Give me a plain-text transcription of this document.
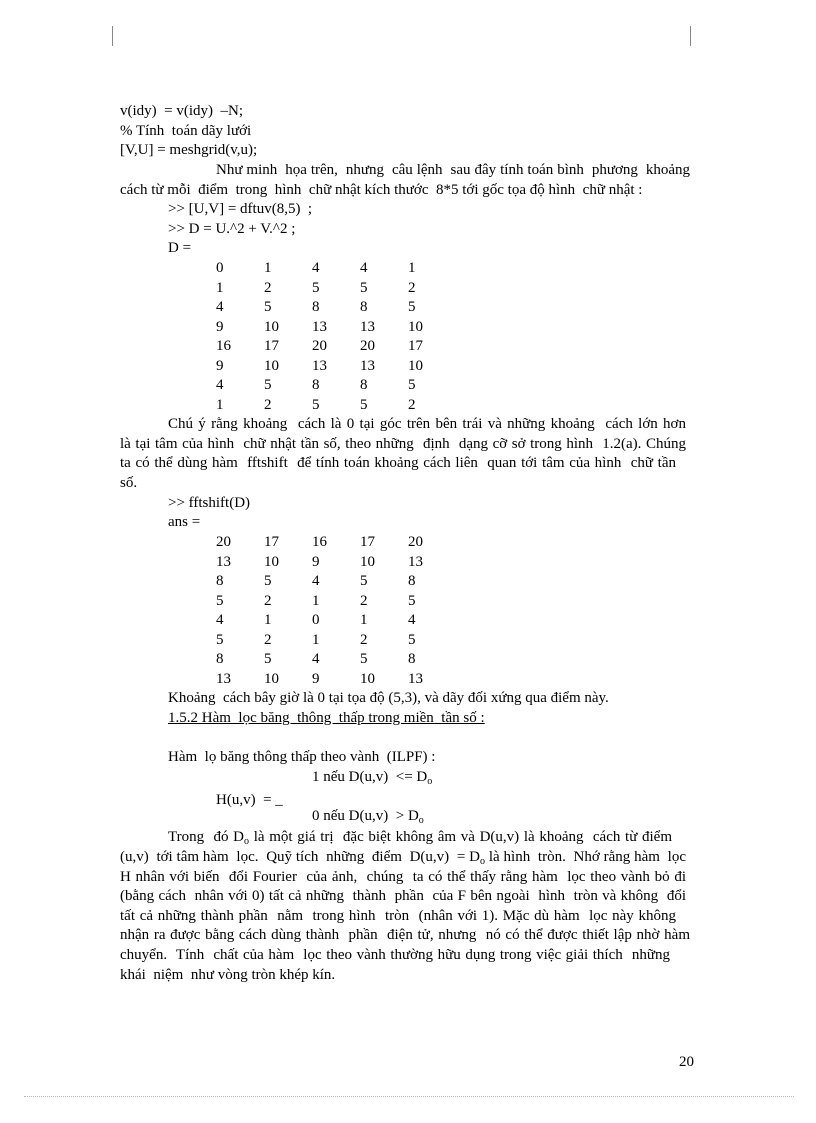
v(idy)  = v(idy)  –N;
% Tính  toán dãy lưới
[V,U] = meshgrid(v,u);
Như minh  họa trên,  nhưng  câu lệnh  sau đây tính toán bình  phương  khoảng
cách từ mỗi  điểm  trong  hình  chữ nhật kích thước  8*5 tới gốc tọa độ hình  chữ nhật :
>> [U,V] = dftuv(8,5)  ;
>> D = U.^2 + V.^2 ;
D =
0	1	4	4	1
1	2	5	5	2
4	5	8	8	5
9	10 13 13 10
16 17 20 20 17
9	10 13 13 10
4	5	8	8	5
1	2	5	5	2
Chú ý rằng khoảng  cách là 0 tại góc trên bên trái và những khoảng  cách lớn hơn
là tại tâm của hình  chữ nhật tần số, theo những  định  dạng cỡ sở trong hình  1.2(a). Chúng
ta có thể dùng hàm  fftshift  để tính toán khoảng cách liên  quan tới tâm của hình  chữ tần
số.
>> fftshift(D)
ans =
20 17 16 17 20
13 10 9	10 13
8	5	4	5	8
5	2	1	2	5
4	1	0	1	4
5	2	1	2	5
8	5	4	5	8
13 10 9	10 13
Khoảng  cách bây giờ là 0 tại tọa độ (5,3), và dãy đối xứng qua điểm này.
1.5.2 Hàm  lọc băng  thông  thấp trong miền  tần số :
Hàm  lọ băng thông thấp theo vành  (ILPF) :
1 nếu $D(u,v) <= D_o$
H(u,v)  = _
0 nếu $D(u,v) > D_o$
Trong  đó $D_o$ là một giá trị  đặc biệt không âm và D(u,v) là khoảng  cách từ điểm
(u,v)  tới tâm hàm  lọc.  Quỹ tích  những  điểm  $D(u,v) = D_o$ là hình  tròn.  Nhớ rằng hàm  lọc
H nhân với biến  đổi Fourier  của ảnh,  chúng  ta có thể thấy rằng hàm  lọc theo vành bỏ đi
(bằng cách  nhân với 0) tất cả những  thành  phần  của F bên ngoài  hình  tròn và không  đổi
tất cả những thành phần  nằm  trong hình  tròn  (nhân với 1). Mặc dù hàm  lọc này không
nhận ra được bằng cách dùng thành  phần  điện tử, nhưng  nó có thể được thiết lập nhờ hàm
chuyển.  Tính  chất của hàm  lọc theo vành thường hữu dụng trong việc giải thích  những
khái  niệm  như vòng tròn khép kín.
20
